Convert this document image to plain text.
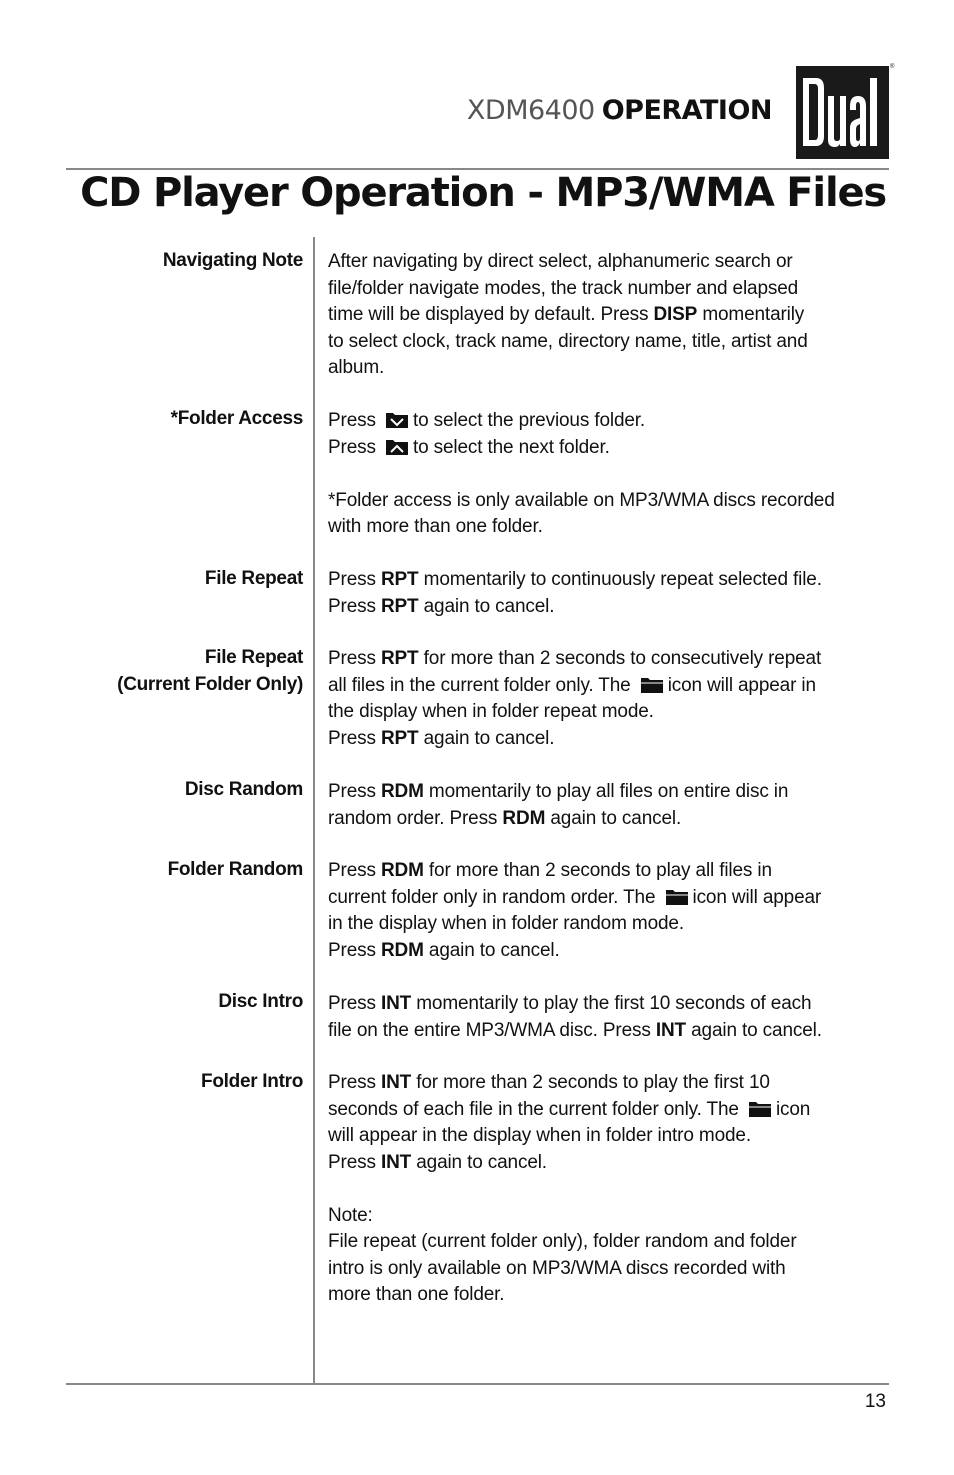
XDM6400 OPERATION
®
CD Player Operation - MP3/WMA Files
Navigating Note After navigating by direct select, alphanumeric search or
file/folder navigate modes, the track number and elapsed
time will be displayed by default. Press DISP momentarily
to select clock, track name, directory name, title, artist and
album.
*Folder Access Press to select the previous folder.
Press to select the next folder.
*Folder access is only available on MP3/WMA discs recorded
with more than one folder.
File Repeat Press RPT momentarily to continuously repeat selected file.
Press RPT again to cancel.
File Repeat
(Current Folder Only)
Press RPT for more than 2 seconds to consecutively repeat
all files in the current folder only. The icon will appear in
the display when in folder repeat mode.
Press RPT again to cancel.
Disc Random Press RDM momentarily to play all files on entire disc in
random order. Press RDM again to cancel.
Folder Random Press RDM for more than 2 seconds to play all files in
current folder only in random order. The icon will appear
in the display when in folder random mode.
Press RDM again to cancel.
Disc Intro Press INT momentarily to play the first 10 seconds of each
file on the entire MP3/WMA disc. Press INT again to cancel.
Folder Intro Press INT for more than 2 seconds to play the first 10
seconds of each file in the current folder only. The icon
will appear in the display when in folder intro mode.
Press INT again to cancel.
Note:
File repeat (current folder only), folder random and folder
intro is only available on MP3/WMA discs recorded with
more than one folder.
13
